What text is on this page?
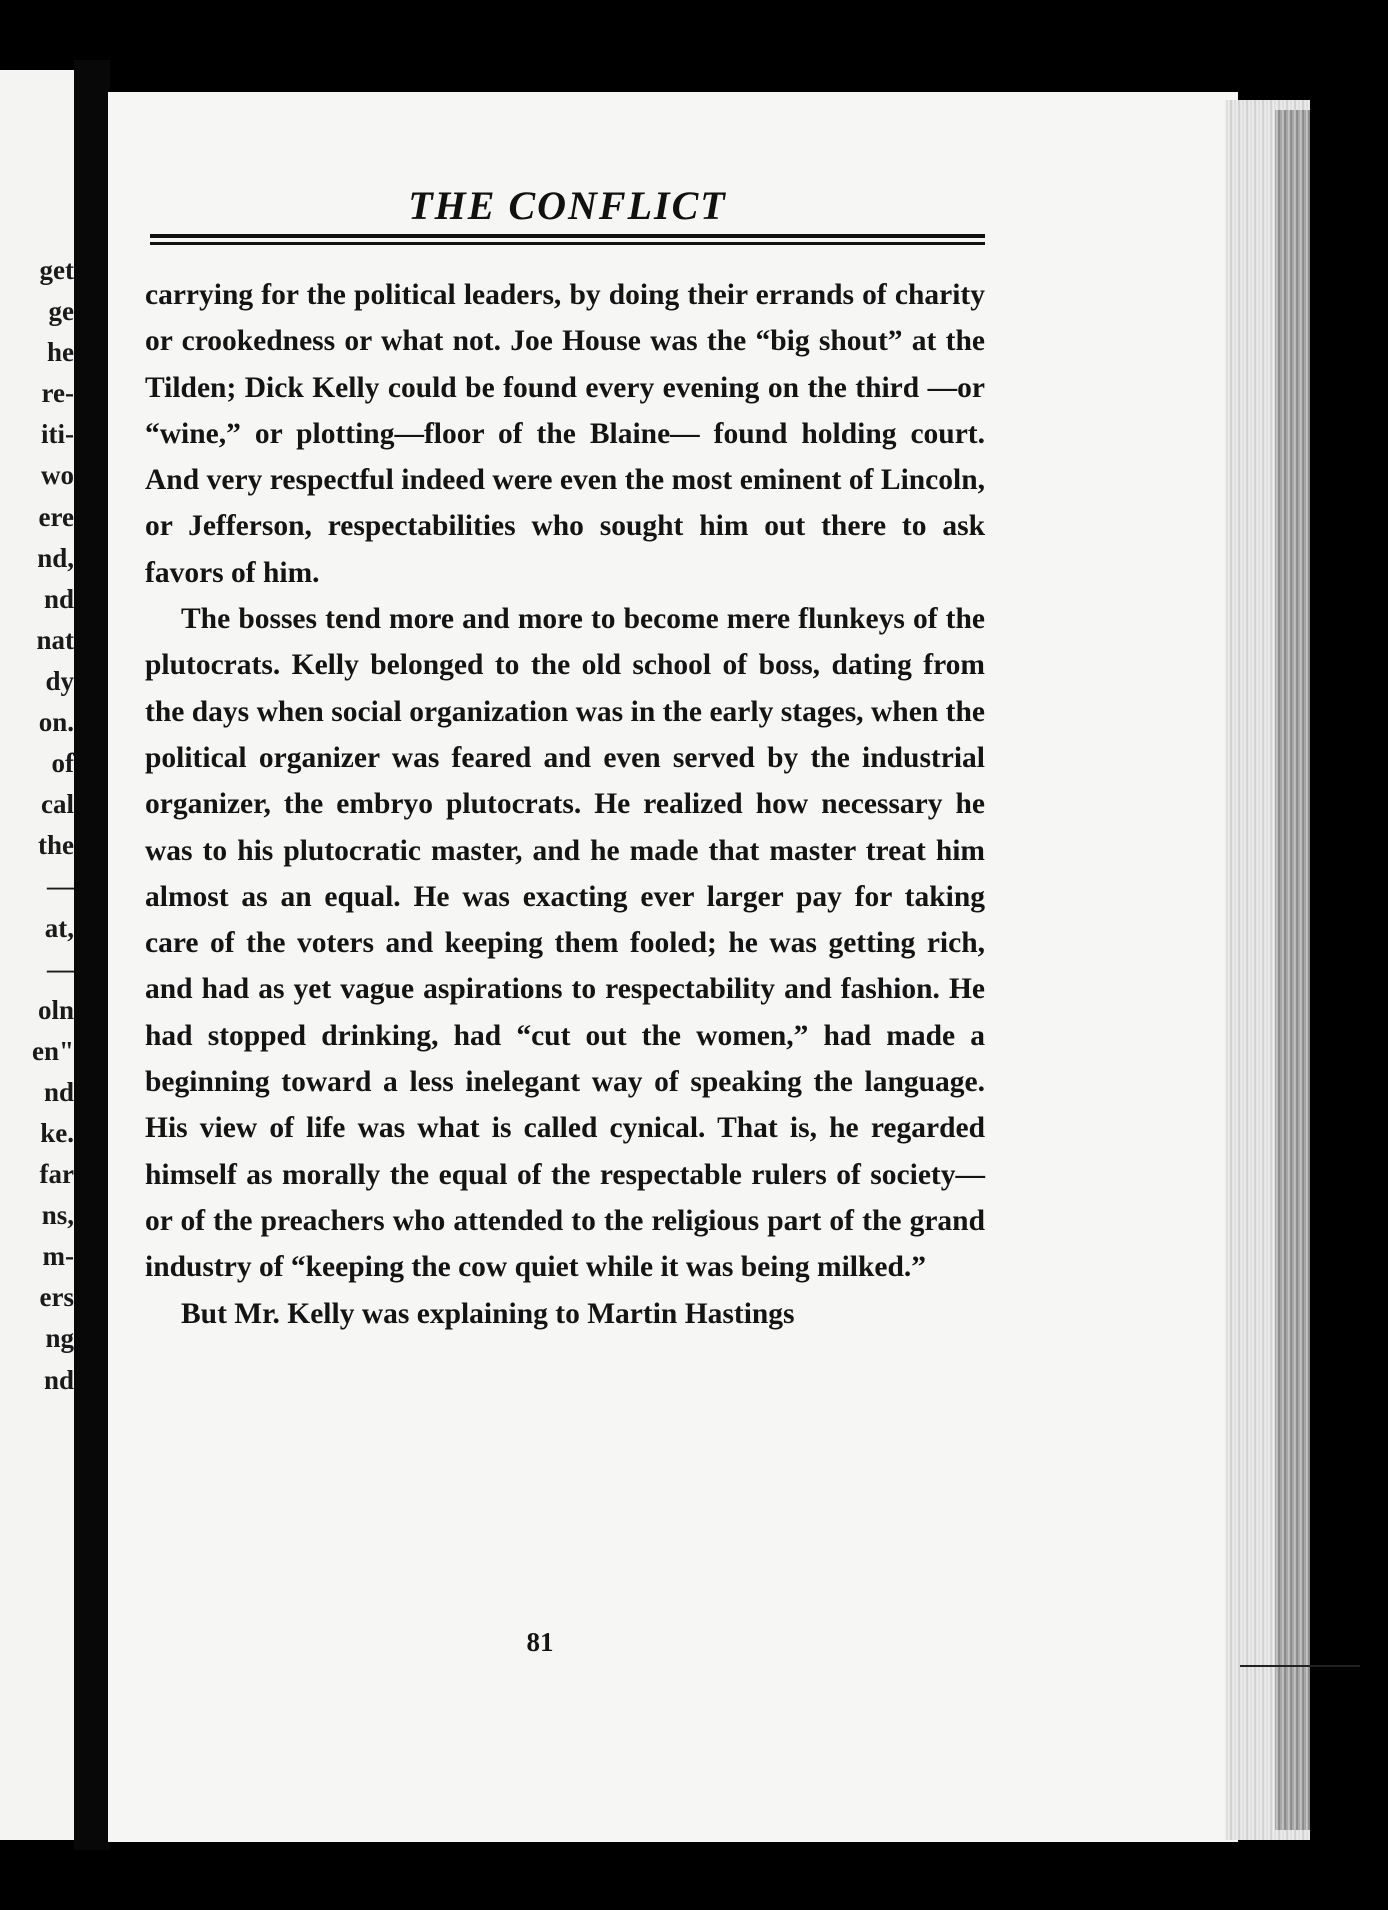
get
ge
he
re-
iti-
wo
ere
nd,
nd
nat
dy
on.
of
cal
the
—
at,
—
oln
en"
nd
ke.
far
ns,
m-
ers
ng
nd
THE CONFLICT

carrying for the political leaders, by doing their errands of charity or crookedness or what not. Joe House was the “big shout” at the Tilden; Dick Kelly could be found every evening on the third —or “wine,” or plotting—floor of the Blaine— found holding court. And very respectful indeed were even the most eminent of Lincoln, or Jefferson, respectabilities who sought him out there to ask favors of him.

The bosses tend more and more to become mere flunkeys of the plutocrats. Kelly belonged to the old school of boss, dating from the days when social organization was in the early stages, when the political organizer was feared and even served by the industrial organizer, the embryo plutocrats. He realized how necessary he was to his plutocratic master, and he made that master treat him almost as an equal. He was exacting ever larger pay for taking care of the voters and keeping them fooled; he was getting rich, and had as yet vague aspirations to respectability and fashion. He had stopped drinking, had “cut out the women,” had made a beginning toward a less inelegant way of speaking the language. His view of life was what is called cynical. That is, he regarded himself as morally the equal of the respectable rulers of society—or of the preachers who attended to the religious part of the grand industry of “keeping the cow quiet while it was being milked.”

But Mr. Kelly was explaining to Martin Hastings

81
